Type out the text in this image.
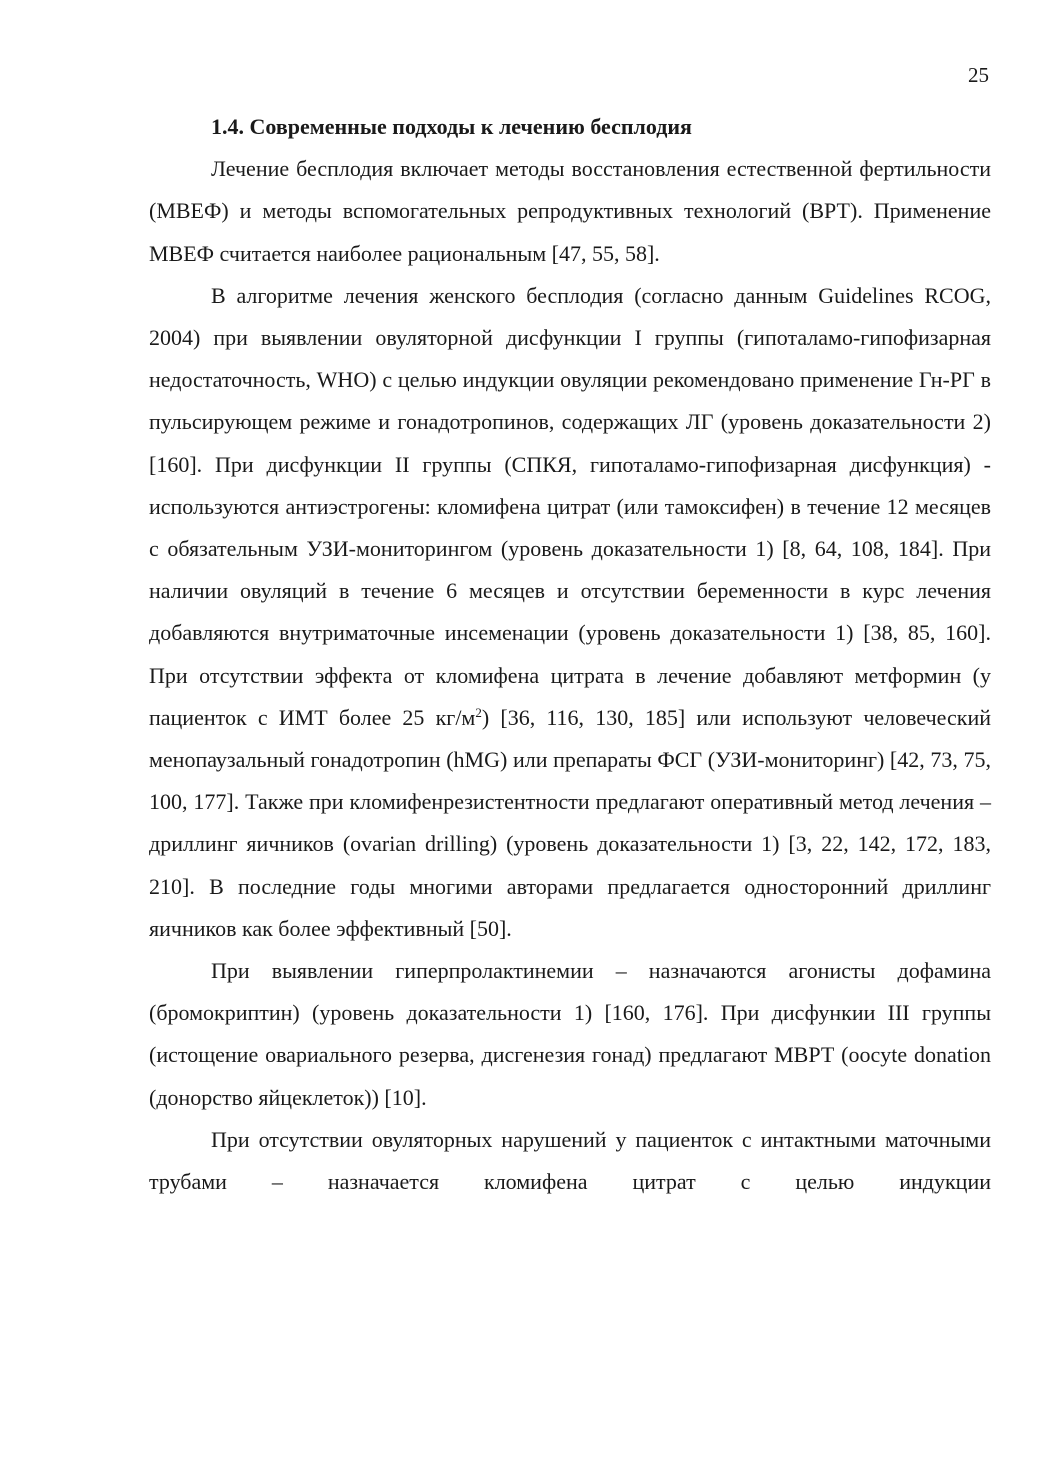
25

1.4. Современные подходы к лечению бесплодия

Лечение бесплодия включает методы восстановления естественной фертильности (МВЕФ) и методы вспомогательных репродуктивных технологий (ВРТ). Применение МВЕФ считается наиболее рациональным [47, 55, 58].

В алгоритме лечения женского бесплодия (согласно данным Guidelines RCOG, 2004) при выявлении овуляторной дисфункции I группы (гипоталамо-гипофизарная недостаточность, WHO) с целью индукции овуляции рекомендовано применение Гн-РГ в пульсирующем режиме и гонадотропинов, содержащих ЛГ (уровень доказательности 2) [160]. При дисфункции II группы (СПКЯ, гипоталамо-гипофизарная дисфункция) - используются антиэстрогены: кломифена цитрат (или тамоксифен) в течение 12 месяцев с обязательным УЗИ-мониторингом (уровень доказательности 1) [8, 64, 108, 184]. При наличии овуляций в течение 6 месяцев и отсутствии беременности в курс лечения добавляются внутриматочные инсеменации (уровень доказательности 1) [38, 85, 160]. При отсутствии эффекта от кломифена цитрата в лечение добавляют метформин (у пациенток с ИМТ более 25 $кг/м^2$) [36, 116, 130, 185] или используют человеческий менопаузальный гонадотропин (hMG) или препараты ФСГ (УЗИ-мониторинг) [42, 73, 75, 100, 177]. Также при кломифенрезистентности предлагают оперативный метод лечения – дриллинг яичников (ovarian drilling) (уровень доказательности 1) [3, 22, 142, 172, 183, 210]. В последние годы многими авторами предлагается односторонний дриллинг яичников как более эффективный [50].

При выявлении гиперпролактинемии – назначаются агонисты дофамина (бромокриптин) (уровень доказательности 1) [160, 176]. При дисфункии III группы (истощение овариального резерва, дисгенезия гонад) предлагают МВРТ (oocyte donation (донорство яйцеклеток)) [10].

При отсутствии овуляторных нарушений у пациенток с интактными маточными трубами – назначается кломифена цитрат с целью индукции
